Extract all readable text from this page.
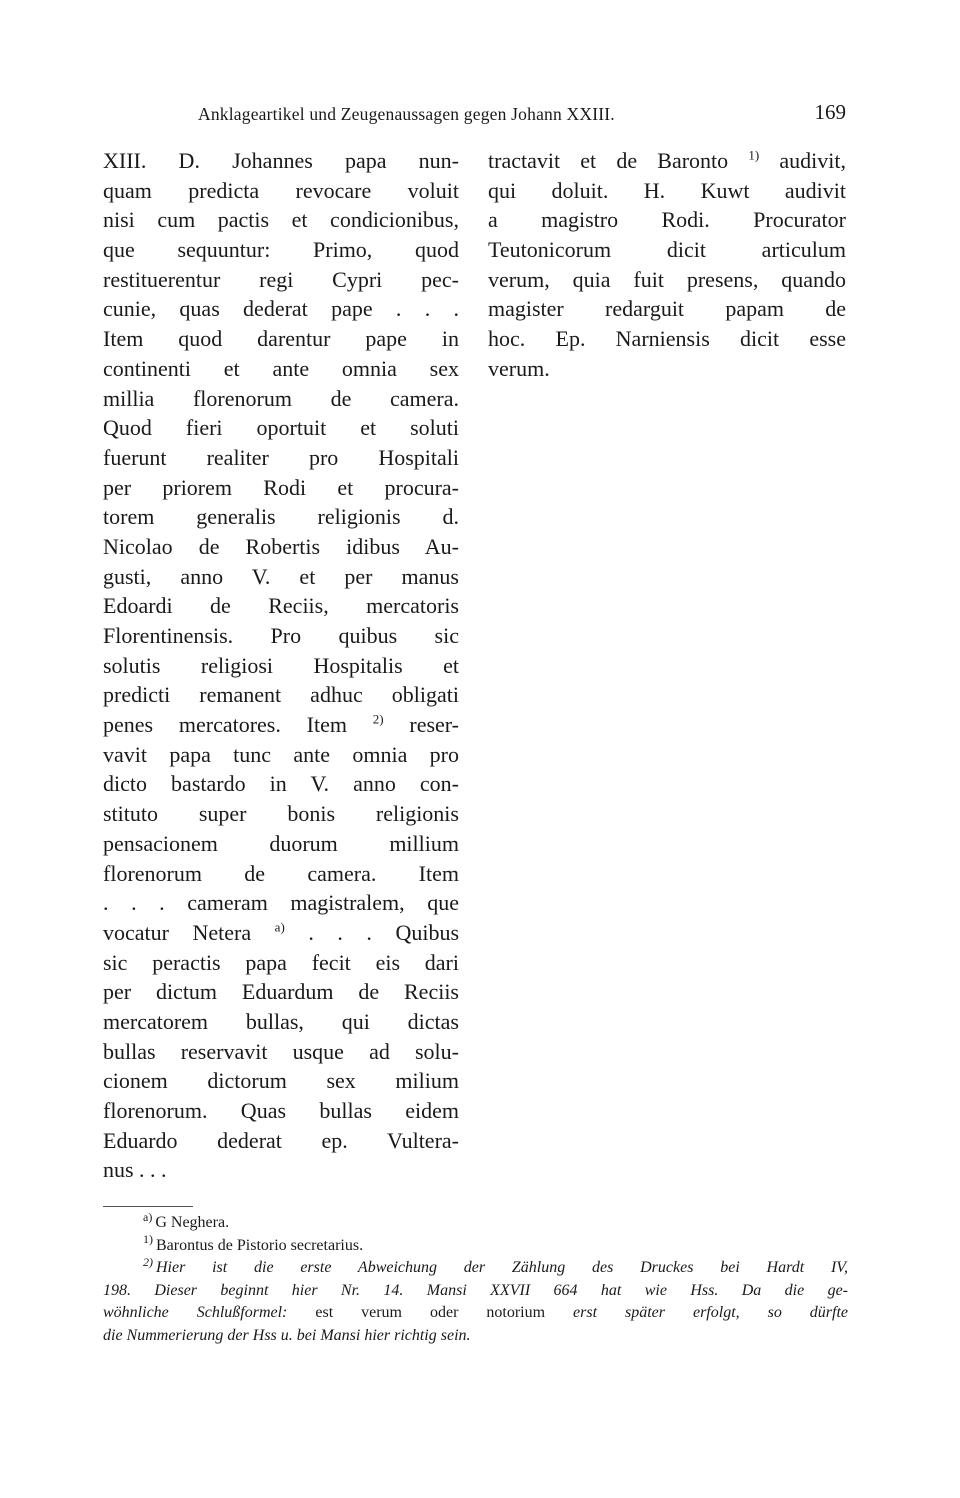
Anklageartikel und Zeugenaussagen gegen Johann XXIII.	169
XIII. D. Johannes papa nun-
quam predicta revocare voluit
nisi cum pactis et condicionibus,
que sequuntur: Primo, quod
restituerentur regi Cypri pec-
cunie, quas dederat pape . . .
Item quod darentur pape in
continenti et ante omnia sex
millia florenorum de camera.
Quod fieri oportuit et soluti
fuerunt realiter pro Hospitali
per priorem Rodi et procura-
torem generalis religionis d.
Nicolao de Robertis idibus Au-
gusti, anno V. et per manus
Edoardi de Reciis, mercatoris
Florentinensis. Pro quibus sic
solutis religiosi Hospitalis et
predicti remanent adhuc obligati
penes mercatores. Item $^{2)}$ reser-
vavit papa tunc ante omnia pro
dicto bastardo in V. anno con-
stituto super bonis religionis
pensacionem duorum millium
florenorum de camera. Item
. . . cameram magistralem, que
vocatur Netera $^{a)}$ . . . Quibus
sic peractis papa fecit eis dari
per dictum Eduardum de Reciis
mercatorem bullas, qui dictas
bullas reservavit usque ad solu-
cionem dictorum sex milium
florenorum. Quas bullas eidem
Eduardo dederat ep. Vultera-
nus . . .
tractavit et de Baronto $^{1)}$ audivit,
qui doluit. H. Kuwt audivit
a magistro Rodi. Procurator
Teutonicorum dicit articulum
verum, quia fuit presens, quando
magister redarguit papam de
hoc. Ep. Narniensis dicit esse
verum.
$^{a)}$ G Neghera.
$^{1)}$ Barontus de Pistorio secretarius.
$^{2)}$ Hier ist die erste Abweichung der Zählung des Druckes bei Hardt IV,
198. Dieser beginnt hier Nr. 14. Mansi XXVII 664 hat wie Hss. Da die ge-
wöhnliche Schlußformel: est verum oder notorium erst später erfolgt, so dürfte
die Nummerierung der Hss u. bei Mansi hier richtig sein.
